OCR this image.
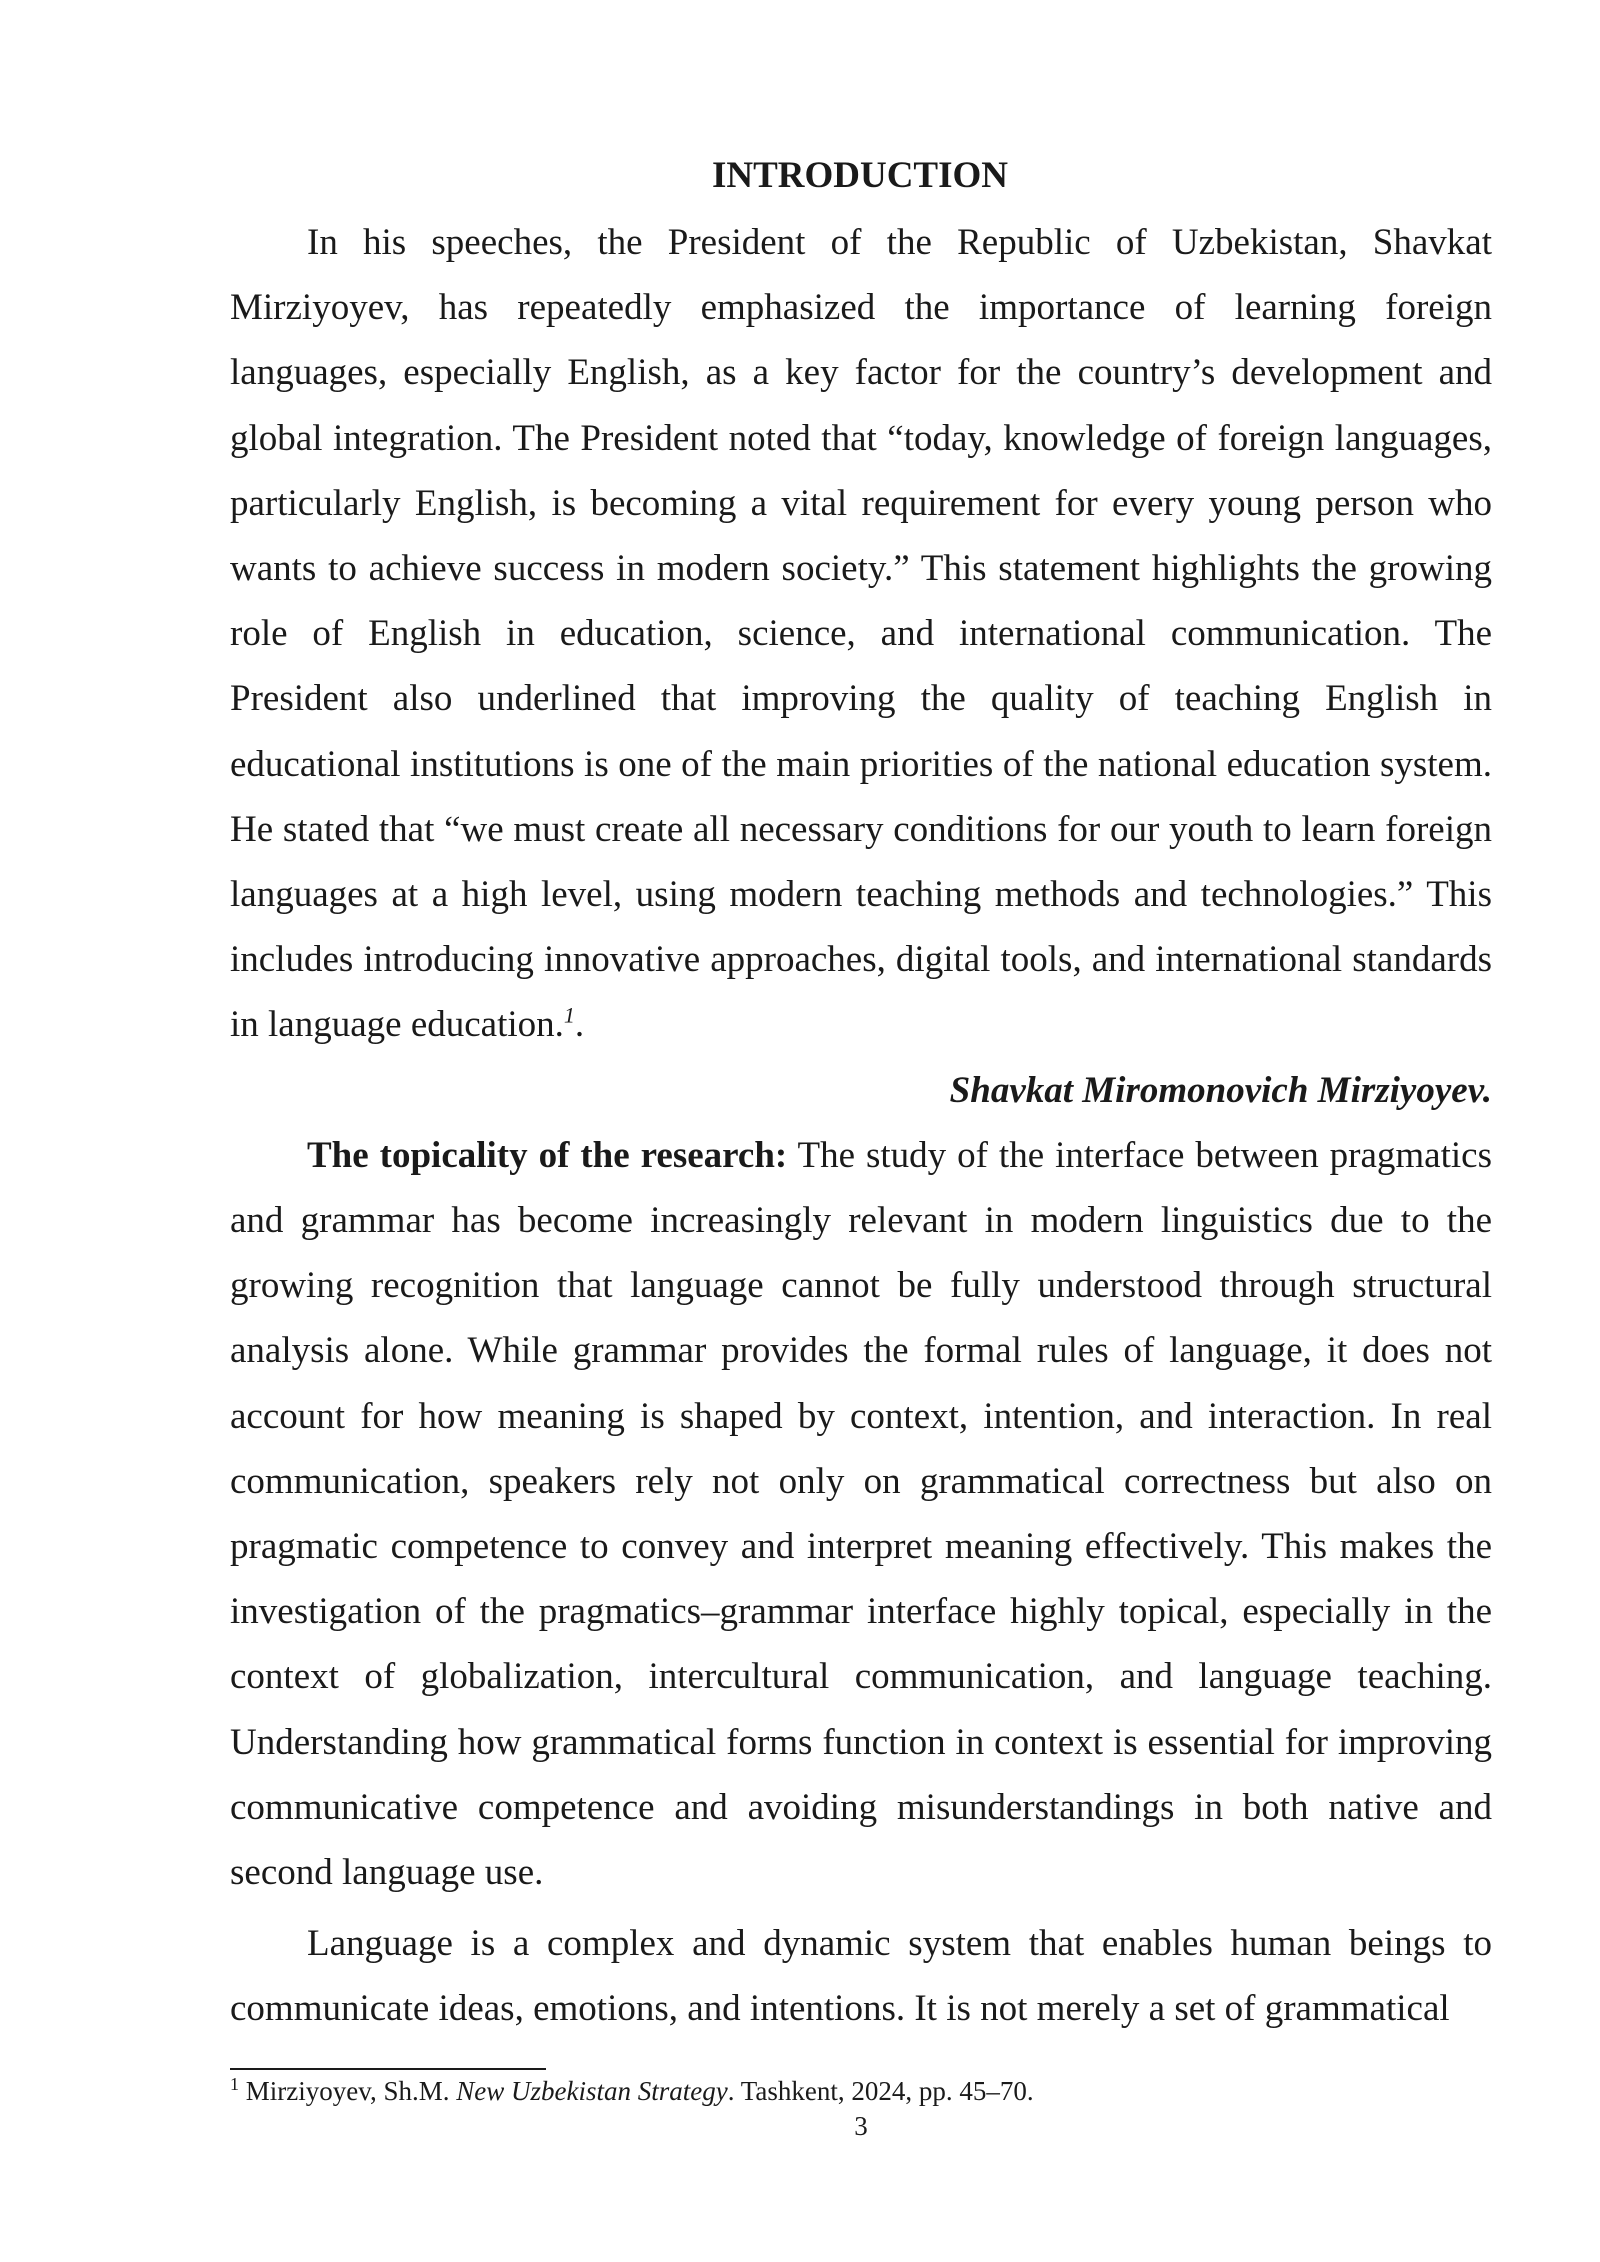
INTRODUCTION

In his speeches, the President of the Republic of Uzbekistan, Shavkat Mirziyoyev, has repeatedly emphasized the importance of learning foreign languages, especially English, as a key factor for the country’s development and global integration. The President noted that “today, knowledge of foreign languages, particularly English, is becoming a vital requirement for every young person who wants to achieve success in modern society.” This statement highlights the growing role of English in education, science, and international communication. The President also underlined that improving the quality of teaching English in educational institutions is one of the main priorities of the national education system. He stated that “we must create all necessary conditions for our youth to learn foreign languages at a high level, using modern teaching methods and technologies.” This includes introducing innovative approaches, digital tools, and international standards in language education.$^1$.

Shavkat Miromonovich Mirziyoyev.

The topicality of the research: The study of the interface between pragmatics and grammar has become increasingly relevant in modern linguistics due to the growing recognition that language cannot be fully understood through structural analysis alone. While grammar provides the formal rules of language, it does not account for how meaning is shaped by context, intention, and interaction. In real communication, speakers rely not only on grammatical correctness but also on pragmatic competence to convey and interpret meaning effectively. This makes the investigation of the pragmatics–grammar interface highly topical, especially in the context of globalization, intercultural communication, and language teaching. Understanding how grammatical forms function in context is essential for improving communicative competence and avoiding misunderstandings in both native and second language use.

Language is a complex and dynamic system that enables human beings to communicate ideas, emotions, and intentions. It is not merely a set of grammatical

$^1$ Mirziyoyev, Sh.M. New Uzbekistan Strategy. Tashkent, 2024, pp. 45–70.
3
